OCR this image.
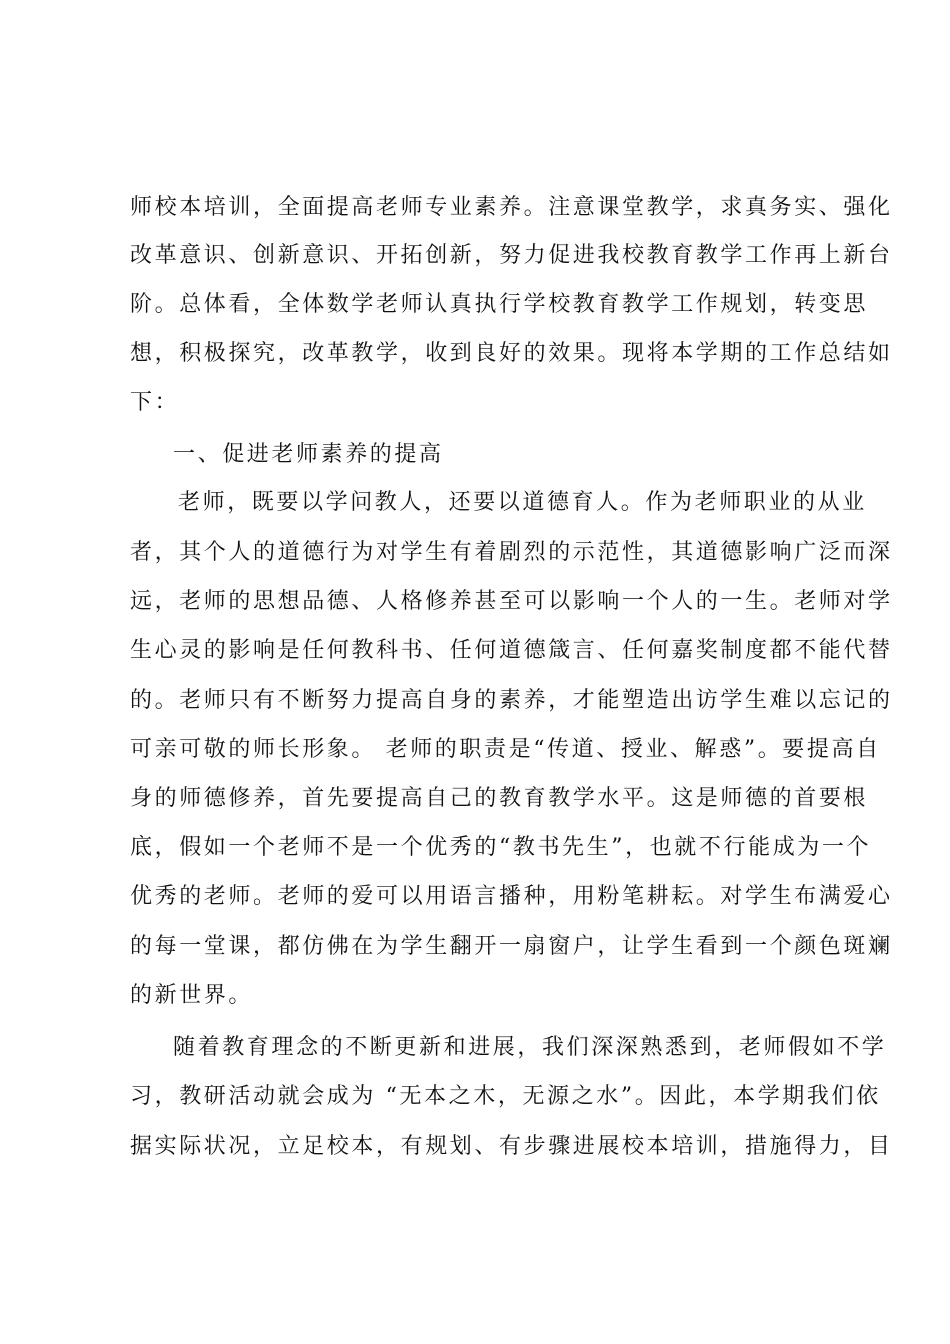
师校本培训，全面提高老师专业素养。注意课堂教学，求真务实、强化
改革意识、创新意识、开拓创新，努力促进我校教育教学工作再上新台
阶。总体看，全体数学老师认真执行学校教育教学工作规划，转变思
想，积极探究，改革教学，收到良好的效果。现将本学期的工作总结如
下：
一、促进老师素养的提高
老师，既要以学问教人，还要以道德育人。作为老师职业的从业
者，其个人的道德行为对学生有着剧烈的示范性，其道德影响广泛而深
远，老师的思想品德、人格修养甚至可以影响一个人的一生。老师对学
生心灵的影响是任何教科书、任何道德箴言、任何嘉奖制度都不能代替
的。老师只有不断努力提高自身的素养，才能塑造出访学生难以忘记的
可亲可敬的师长形象。 老师的职责是“传道、授业、解惑”。要提高自
身的师德修养，首先要提高自己的教育教学水平。这是师德的首要根
底，假如一个老师不是一个优秀的“教书先生”，也就不行能成为一个
优秀的老师。老师的爱可以用语言播种，用粉笔耕耘。对学生布满爱心
的每一堂课，都仿佛在为学生翻开一扇窗户，让学生看到一个颜色斑斓
的新世界。
随着教育理念的不断更新和进展，我们深深熟悉到，老师假如不学
习，教研活动就会成为 “无本之木，无源之水”。因此，本学期我们依
据实际状况，立足校本，有规划、有步骤进展校本培训，措施得力，目
